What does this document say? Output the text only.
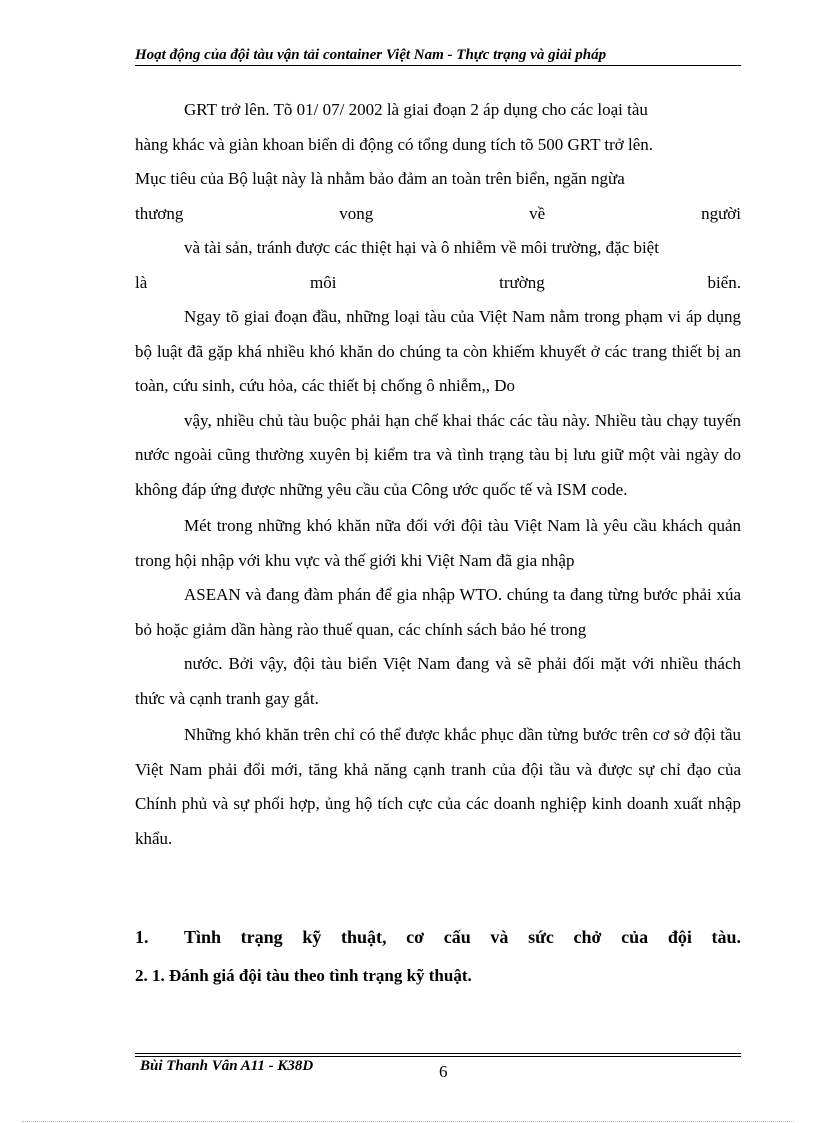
Hoạt động của đội tàu vận tải container Việt Nam - Thực trạng và giải pháp

GRT trở lên. Tõ 01/ 07/ 2002 là giai đoạn 2 áp dụng cho các loại tàu

hàng khác và giàn khoan biển di động có tổng dung tích tõ 500 GRT trở lên.

Mục tiêu của Bộ luật này là nhằm bảo đảm an toàn trên biển, ngăn ngừa

thương	vong	về	người

và tài sản, tránh được các thiệt hại và ô nhiễm về môi trường, đặc biệt

là	môi	trường	biển.

Ngay tõ giai đoạn đầu, những loại tàu của Việt Nam nằm trong phạm vi áp dụng bộ luật đã gặp khá nhiều khó khăn do chúng ta còn khiếm khuyết ở các trang thiết bị an toàn, cứu sinh, cứu hỏa, các thiết bị chống ô nhiễm,, Do

vậy, nhiều chủ tàu buộc phải hạn chế khai thác các tàu này. Nhiều tàu chạy tuyến nước ngoài cũng thường xuyên bị kiểm tra và tình trạng tàu bị lưu giữ một vài ngày do không đáp ứng được những yêu cầu của Công ước quốc tế và ISM code.

Mét trong những khó khăn nữa đối với đội tàu Việt Nam là yêu cầu khách quản trong hội nhập với khu vực và thế giới khi Việt Nam đã gia nhập

ASEAN và đang đàm phán để gia nhập WTO. chúng ta đang từng bước phải xúa bỏ hoặc giảm dần hàng rào thuế quan, các chính sách bảo hé trong

nước. Bởi vậy, đội tàu biển Việt Nam đang và sẽ phải đối mặt với nhiều thách thức và cạnh tranh gay gắt.

Những khó khăn trên chỉ có thể được khắc phục dần từng bước trên cơ sở đội tầu Việt Nam phải đổi mới, tăng khả năng cạnh tranh của đội tầu và được sự chỉ đạo của Chính phủ và sự phối hợp, ủng hộ tích cực của các doanh nghiệp kinh doanh xuất nhập khẩu.

1.	Tình trạng kỹ thuật, cơ cấu và sức chở của đội tàu.
2. 1. Đánh giá đội tàu theo tình trạng kỹ thuật.
Bùi Thanh Vân A11 - K38D	6
